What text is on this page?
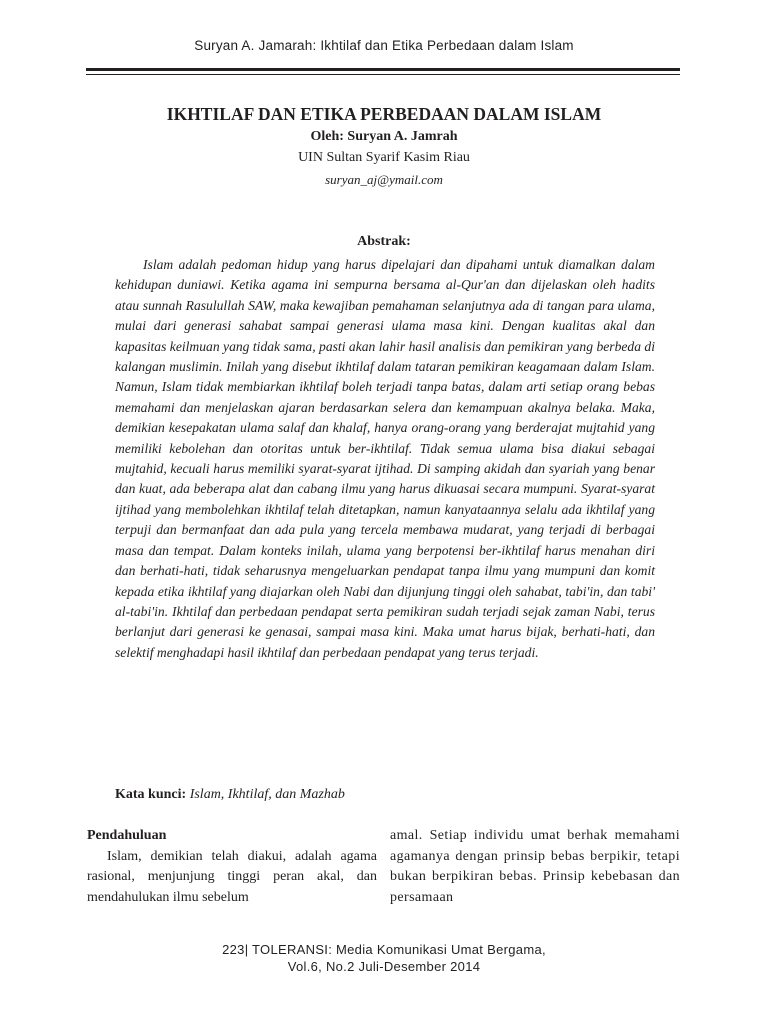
Suryan A. Jamarah: Ikhtilaf dan Etika Perbedaan dalam Islam
IKHTILAF DAN ETIKA PERBEDAAN DALAM ISLAM
Oleh: Suryan A. Jamrah
UIN Sultan Syarif Kasim Riau
suryan_aj@ymail.com
Abstrak:

Islam adalah pedoman hidup yang harus dipelajari dan dipahami untuk diamalkan dalam kehidupan duniawi. Ketika agama ini sempurna bersama al-Qur'an dan dijelaskan oleh hadits atau sunnah Rasulullah SAW, maka kewajiban pemahaman selanjutnya ada di tangan para ulama, mulai dari generasi sahabat sampai generasi ulama masa kini. Dengan kualitas akal dan kapasitas keilmuan yang tidak sama, pasti akan lahir hasil analisis dan pemikiran yang berbeda di kalangan muslimin. Inilah yang disebut ikhtilaf dalam tataran pemikiran keagamaan dalam Islam. Namun, Islam tidak membiarkan ikhtilaf boleh terjadi tanpa batas, dalam arti setiap orang bebas memahami dan menjelaskan ajaran berdasarkan selera dan kemampuan akalnya belaka. Maka, demikian kesepakatan ulama salaf dan khalaf, hanya orang-orang yang berderajat mujtahid yang memiliki kebolehan dan otoritas untuk ber-ikhtilaf. Tidak semua ulama bisa diakui sebagai mujtahid, kecuali harus memiliki syarat-syarat ijtihad. Di samping akidah dan syariah yang benar dan kuat, ada beberapa alat dan cabang ilmu yang harus dikuasai secara mumpuni. Syarat-syarat ijtihad yang membolehkan ikhtilaf telah ditetapkan, namun kanyataannya selalu ada ikhtilaf yang terpuji dan bermanfaat dan ada pula yang tercela membawa mudarat, yang terjadi di berbagai masa dan tempat. Dalam konteks inilah, ulama yang berpotensi ber-ikhtilaf harus menahan diri dan berhati-hati, tidak seharusnya mengeluarkan pendapat tanpa ilmu yang mumpuni dan komit kepada etika ikhtilaf yang diajarkan oleh Nabi dan dijunjung tinggi oleh sahabat, tabi'in, dan tabi' al-tabi'in. Ikhtilaf dan perbedaan pendapat serta pemikiran sudah terjadi sejak zaman Nabi, terus berlanjut dari generasi ke genasai, sampai masa kini. Maka umat harus bijak, berhati-hati, dan selektif menghadapi hasil ikhtilaf dan perbedaan pendapat yang terus terjadi.

Kata kunci: Islam, Ikhtilaf, dan Mazhab
Pendahuluan
Islam, demikian telah diakui, adalah agama rasional, menjunjung tinggi peran akal, dan mendahulukan ilmu sebelum
amal. Setiap individu umat berhak memahami agamanya dengan prinsip bebas berpikir, tetapi bukan berpikiran bebas. Prinsip kebebasan dan persamaan
223| TOLERANSI: Media Komunikasi Umat Bergama,
Vol.6, No.2 Juli-Desember 2014
